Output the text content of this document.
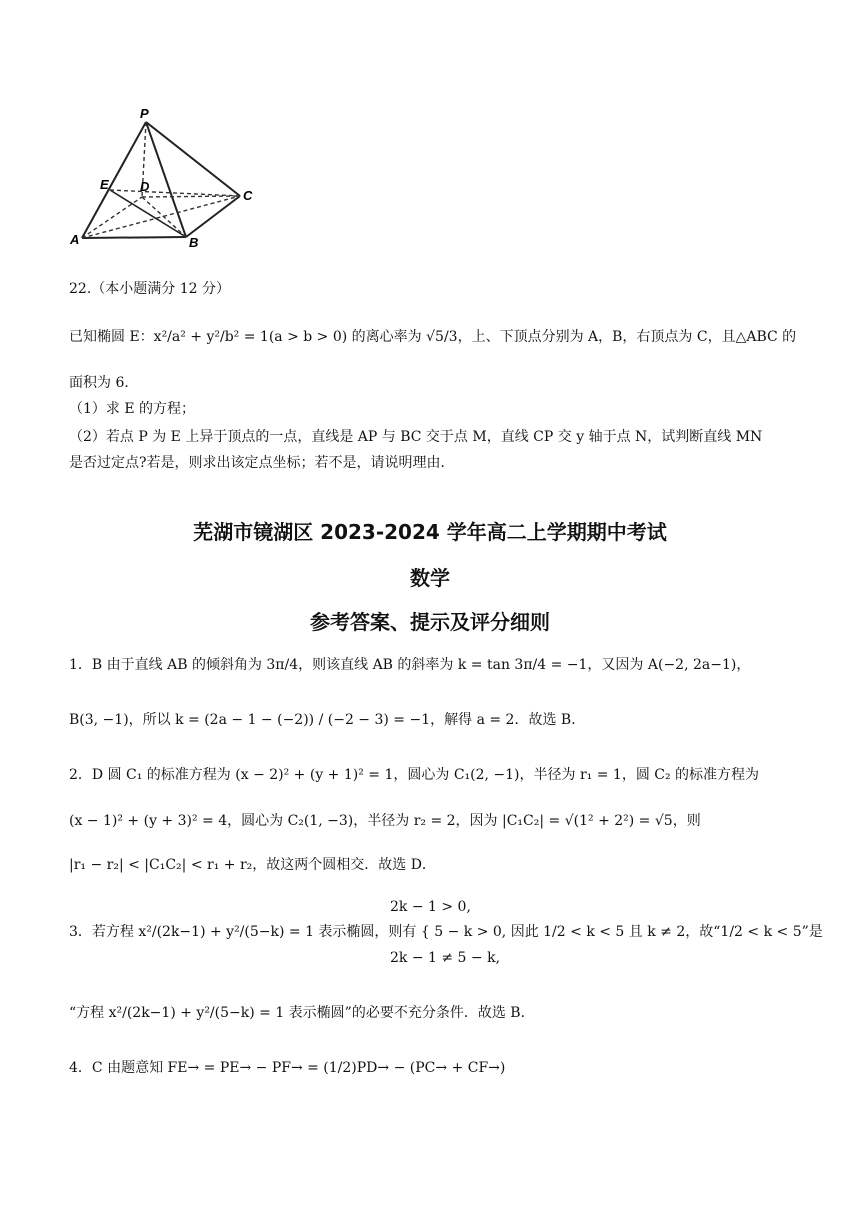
P
E D
C
A	B
22.（本小题满分 12 分）
已知椭圆 E：x²/a² + y²/b² = 1(a > b > 0) 的离心率为 √5/3，上、下顶点分别为 A，B，右顶点为 C，且△ABC 的
面积为 6．
（1）求 E 的方程；
（2）若点 P 为 E 上异于顶点的一点，直线是 AP 与 BC 交于点 M，直线 CP 交 y 轴于点 N，试判断直线 MN
是否过定点?若是，则求出该定点坐标；若不是，请说明理由．
芜湖市镜湖区 2023-2024 学年高二上学期期中考试
数学
参考答案、提示及评分细则
1．B 由于直线 AB 的倾斜角为 3π/4，则该直线 AB 的斜率为 k = tan 3π/4 = −1，又因为 A(−2, 2a−1)，
B(3, −1)，所以 k = (2a − 1 − (−2)) / (−2 − 3) = −1，解得 a = 2．故选 B．
2．D 圆 C₁ 的标准方程为 (x − 2)² + (y + 1)² = 1，圆心为 C₁(2, −1)，半径为 r₁ = 1，圆 C₂ 的标准方程为
(x − 1)² + (y + 3)² = 4，圆心为 C₂(1, −3)，半径为 r₂ = 2，因为 |C₁C₂| = √(1² + 2²) = √5，则
|r₁ − r₂| < |C₁C₂| < r₁ + r₂，故这两个圆相交．故选 D．
2k − 1 > 0,
3．若方程 x²/(2k−1) + y²/(5−k) = 1 表示椭圆，则有 { 5 − k > 0, 因此 1/2 < k < 5 且 k ≠ 2，故“1/2 < k < 5”是
2k − 1 ≠ 5 − k,
“方程 x²/(2k−1) + y²/(5−k) = 1 表示椭圆”的必要不充分条件．故选 B．
4．C 由题意知 FE→ = PE→ − PF→ = (1/2)PD→ − (PC→ + CF→)
